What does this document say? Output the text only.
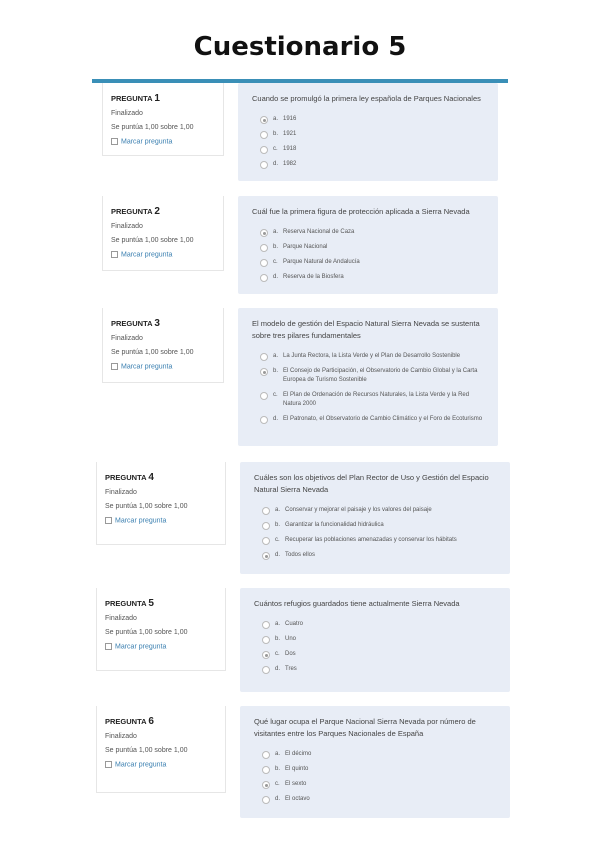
Cuestionario 5
PREGUNTA 1
Finalizado
Se puntúa 1,00 sobre 1,00
Marcar pregunta
Cuando se promulgó la primera ley española de Parques Nacionales
a. 1916
b. 1921
c. 1918
d. 1982
PREGUNTA 2
Finalizado
Se puntúa 1,00 sobre 1,00
Marcar pregunta
Cuál fue la primera figura de protección aplicada a Sierra Nevada
a. Reserva Nacional de Caza
b. Parque Nacional
c. Parque Natural de Andalucía
d. Reserva de la Biosfera
PREGUNTA 3
Finalizado
Se puntúa 1,00 sobre 1,00
Marcar pregunta
El modelo de gestión del Espacio Natural Sierra Nevada se sustenta sobre tres pilares fundamentales
a. La Junta Rectora, la Lista Verde y el Plan de Desarrollo Sostenible
b. El Consejo de Participación, el Observatorio de Cambio Global y la Carta Europea de Turismo Sostenible
c. El Plan de Ordenación de Recursos Naturales, la Lista Verde y la Red Natura 2000
d. El Patronato, el Observatorio de Cambio Climático y el Foro de Ecoturismo
PREGUNTA 4
Finalizado
Se puntúa 1,00 sobre 1,00
Marcar pregunta
Cuáles son los objetivos del Plan Rector de Uso y Gestión del Espacio Natural Sierra Nevada
a. Conservar y mejorar el paisaje y los valores del paisaje
b. Garantizar la funcionalidad hidráulica
c. Recuperar las poblaciones amenazadas y conservar los hábitats
d. Todos ellos
PREGUNTA 5
Finalizado
Se puntúa 1,00 sobre 1,00
Marcar pregunta
Cuántos refugios guardados tiene actualmente Sierra Nevada
a. Cuatro
b. Uno
c. Dos
d. Tres
PREGUNTA 6
Finalizado
Se puntúa 1,00 sobre 1,00
Marcar pregunta
Qué lugar ocupa el Parque Nacional Sierra Nevada por número de visitantes entre los Parques Nacionales de España
a. El décimo
b. El quinto
c. El sexto
d. El octavo
